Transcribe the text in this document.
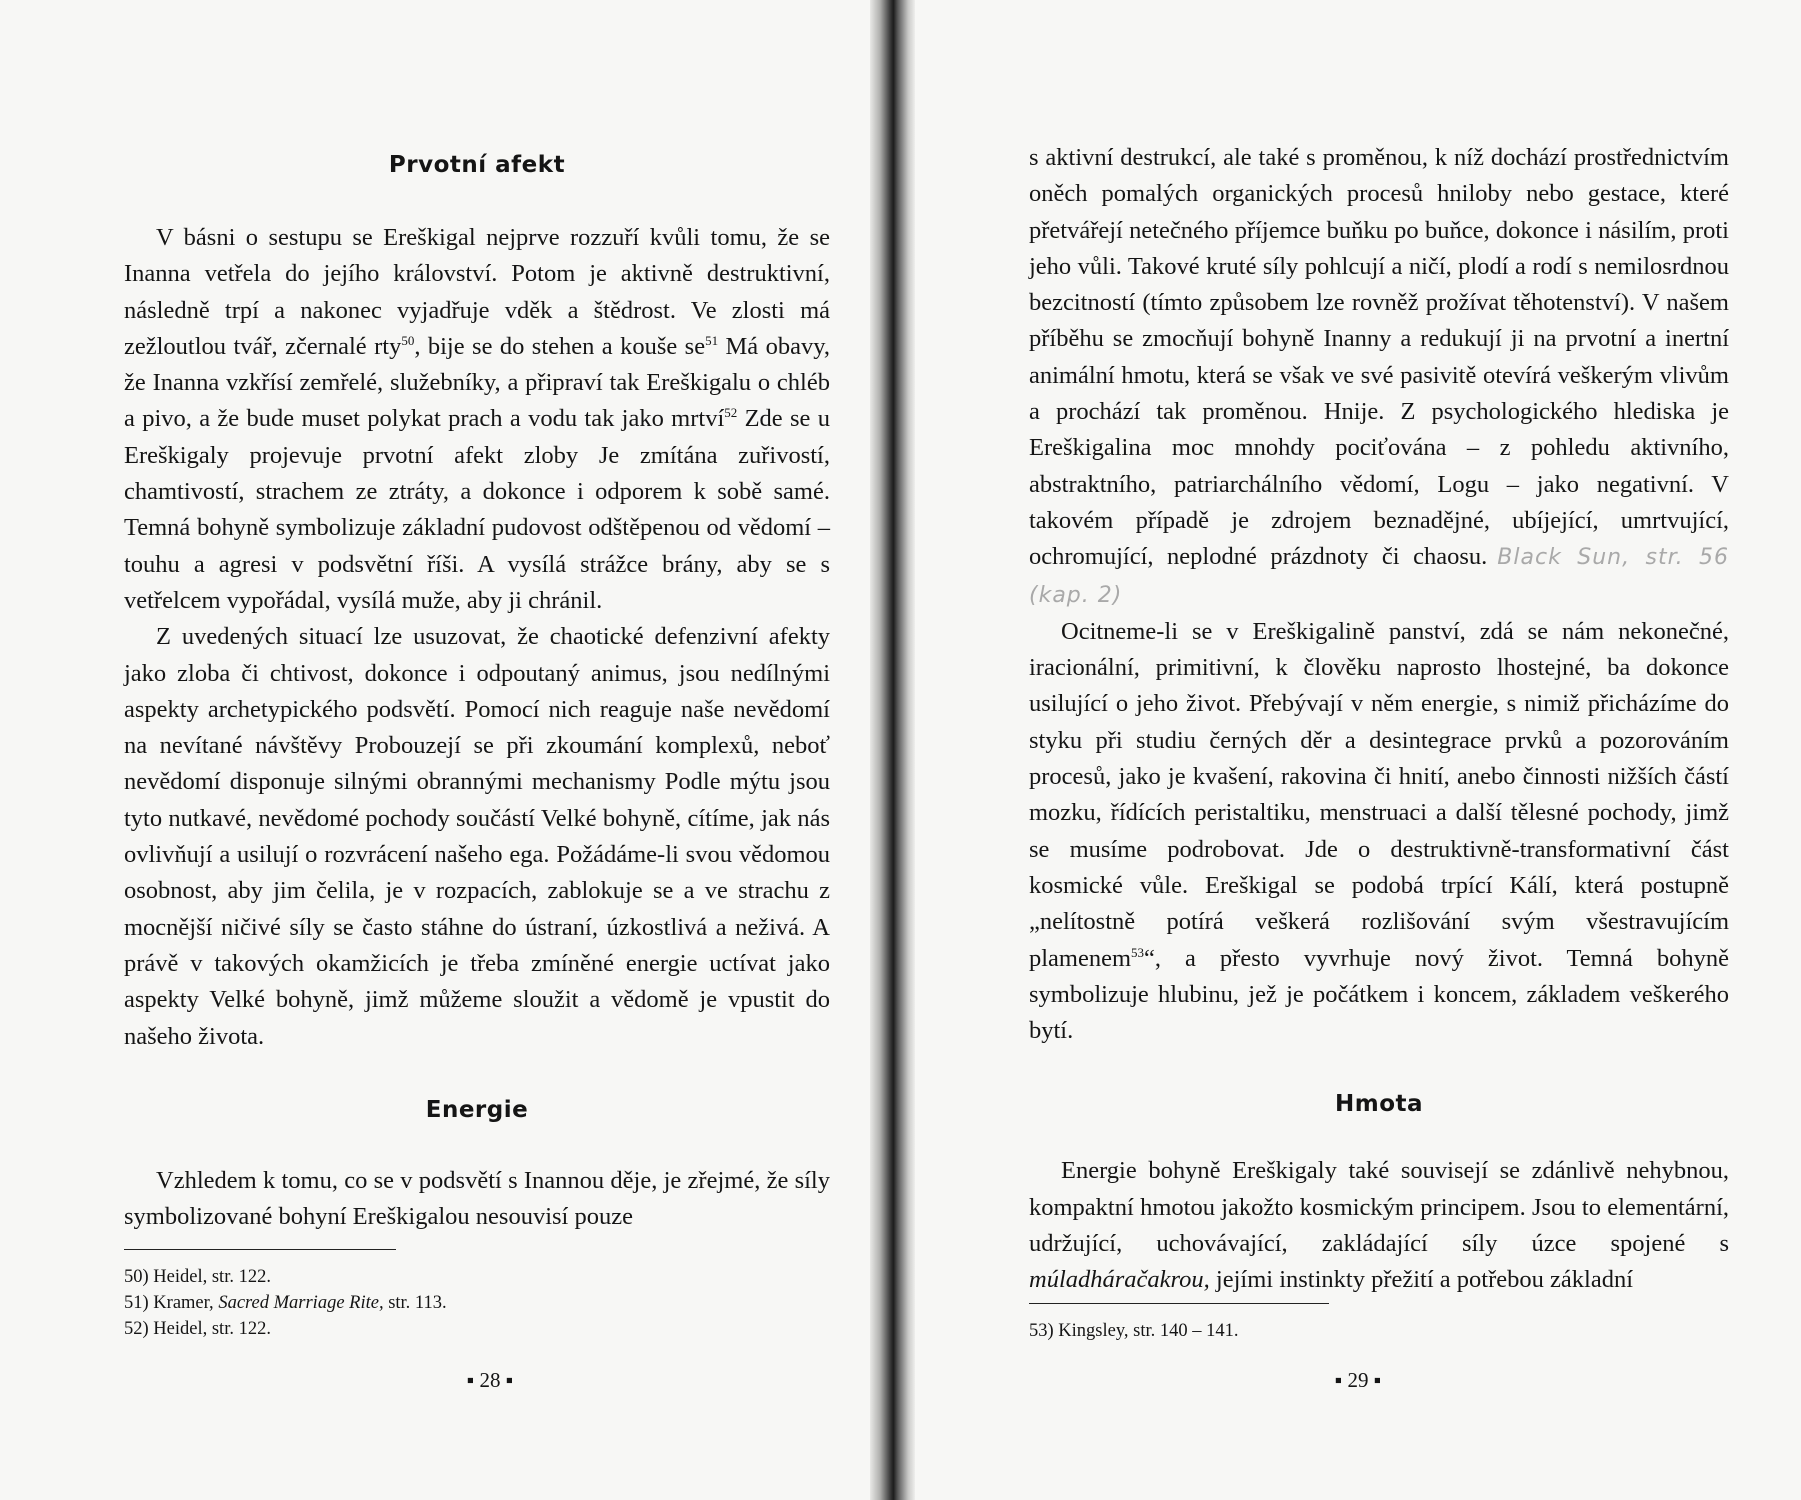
Prvotní afekt

V básni o sestupu se Ereškigal nejprve rozzuří kvůli tomu, že se Inanna vetřela do jejího království. Potom je aktivně destruktivní, následně trpí a nakonec vyjadřuje vděk a štědrost. Ve zlosti má zežloutlou tvář, zčernalé rty$^{50}$, bije se do stehen a kouše $se^{51}$ Má obavy, že Inanna vzkřísí zemřelé, služebníky, a připraví tak Ereškigalu o chléb a pivo, a že bude muset polykat prach a vodu tak jako mrtví$^{52}$ Zde se u Ereškigaly projevuje prvotní afekt zloby Je zmítána zuřivostí, chamtivostí, strachem ze ztráty, a dokonce i odporem k sobě samé. Temná bohyně symbolizuje základní pudovost odštěpenou od vědomí – touhu a agresi v podsvětní říši. A vysílá strážce brány, aby se s vetřelcem vypořádal, vysílá muže, aby ji chránil.

Z uvedených situací lze usuzovat, že chaotické defenzivní afekty jako zloba či chtivost, dokonce i odpoutaný animus, jsou nedílnými aspekty archetypického podsvětí. Pomocí nich reaguje naše nevědomí na nevítané návštěvy Probouzejí se při zkoumání komplexů, neboť nevědomí disponuje silnými obrannými mechanismy Podle mýtu jsou tyto nutkavé, nevědomé pochody součástí Velké bohyně, cítíme, jak nás ovlivňují a usilují o rozvrácení našeho ega. Požádáme-li svou vědomou osobnost, aby jim čelila, je v rozpacích, zablokuje se a ve strachu z mocnější ničivé síly se často stáhne do ústraní, úzkostlivá a neživá. A právě v takových okamžicích je třeba zmíněné energie uctívat jako aspekty Velké bohyně, jimž můžeme sloužit a vědomě je vpustit do našeho života.

Energie

Vzhledem k tomu, co se v podsvětí s Inannou děje, je zřejmé, že síly symbolizované bohyní Ereškigalou nesouvisí pouze

50) Heidel, str. 122.

51) Kramer, Sacred Marriage Rite, str. 113.

52) Heidel, str. 122.

▪ 28 ▪

s aktivní destrukcí, ale také s proměnou, k níž dochází prostřednictvím oněch pomalých organických procesů hniloby nebo gestace, které přetvářejí netečného příjemce buňku po buňce, dokonce i násilím, proti jeho vůli. Takové kruté síly pohlcují a ničí, plodí a rodí s nemilosrdnou bezcitností (tímto způsobem lze rovněž prožívat těhotenství). V našem příběhu se zmocňují bohyně Inanny a redukují ji na prvotní a inertní animální hmotu, která se však ve své pasivitě otevírá veškerým vlivům a prochází tak proměnou. Hnije. Z psychologického hlediska je Ereškigalina moc mnohdy pociťována – z pohledu aktivního, abstraktního, patriarchálního vědomí, Logu – jako negativní. V takovém případě je zdrojem beznadějné, ubíjející, umrtvující, ochromující, neplodné prázdnoty či chaosu. Black Sun, str. 56 (kap. 2)

Ocitneme-li se v Ereškigalině panství, zdá se nám nekonečné, iracionální, primitivní, k člověku naprosto lhostejné, ba dokonce usilující o jeho život. Přebývají v něm energie, s nimiž přicházíme do styku při studiu černých děr a desintegrace prvků a pozorováním procesů, jako je kvašení, rakovina či hnití, anebo činnosti nižších částí mozku, řídících peristaltiku, menstruaci a další tělesné pochody, jimž se musíme podrobovat. Jde o destruktivně-transformativní část kosmické vůle. Ereškigal se podobá trpící Kálí, která postupně „nelítostně potírá veškerá rozlišování svým všestravujícím plamenem$^{53}$“, a přesto vyvrhuje nový život. Temná bohyně symbolizuje hlubinu, jež je počátkem i koncem, základem veškerého bytí.

Hmota

Energie bohyně Ereškigaly také souvisejí se zdánlivě nehybnou, kompaktní hmotou jakožto kosmickým principem. Jsou to elementární, udržující, uchovávající, zakládající síly úzce spojené s múladháračakrou, jejími instinkty přežití a potřebou základní

53) Kingsley, str. 140 – 141.

▪ 29 ▪
